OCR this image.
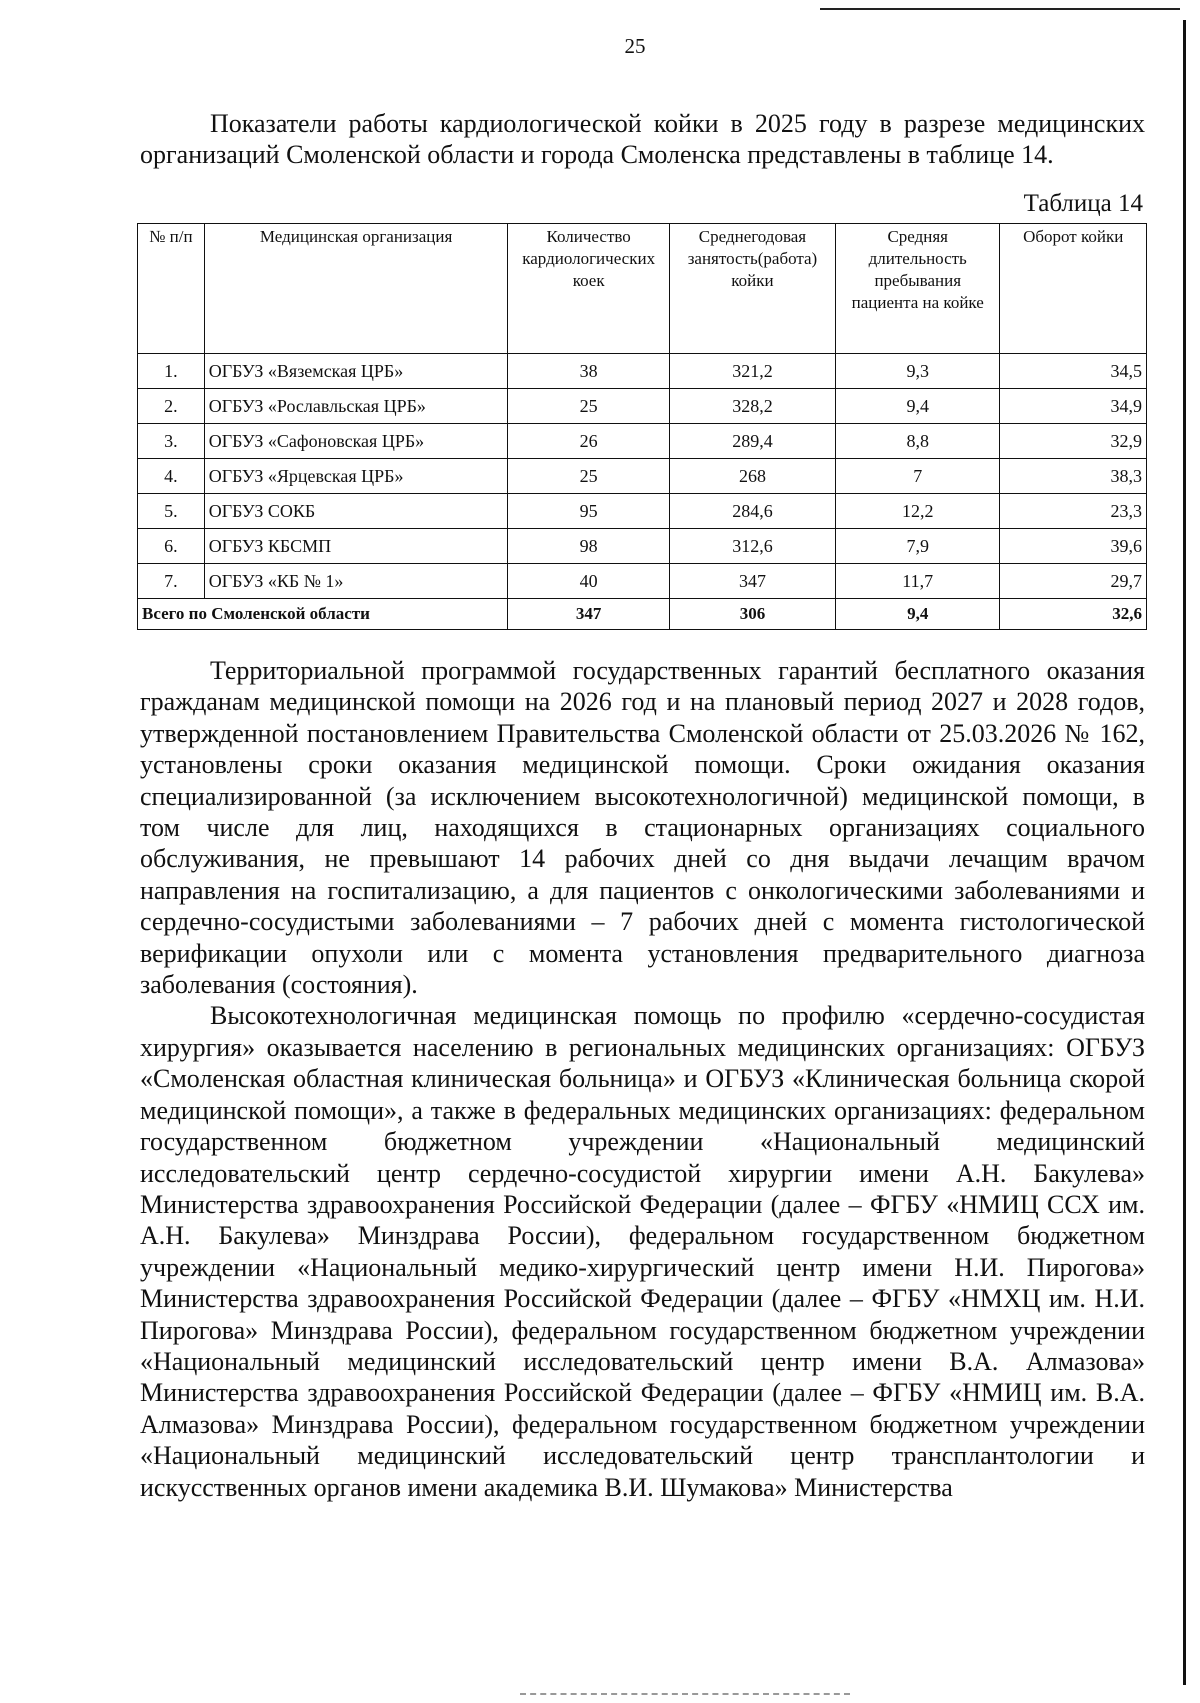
25
Показатели работы кардиологической койки в 2025 году в разрезе медицинских организаций Смоленской области и города Смоленска представлены в таблице 14.
Таблица 14
№ п/п	Медицинская организация	Количество кардиологических коек	Среднегодовая занятость(работа) койки	Средняя длительность пребывания пациента на койке	Оборот койки
1.	ОГБУЗ «Вяземская ЦРБ»	38	321,2	9,3	34,5
2.	ОГБУЗ «Рославльская ЦРБ»	25	328,2	9,4	34,9
3.	ОГБУЗ «Сафоновская ЦРБ»	26	289,4	8,8	32,9
4.	ОГБУЗ «Ярцевская ЦРБ»	25	268	7	38,3
5.	ОГБУЗ СОКБ	95	284,6	12,2	23,3
6.	ОГБУЗ КБСМП	98	312,6	7,9	39,6
7.	ОГБУЗ «КБ № 1»	40	347	11,7	29,7
Всего по Смоленской области		347	306	9,4	32,6

Территориальной программой государственных гарантий бесплатного оказания гражданам медицинской помощи на 2026 год и на плановый период 2027 и 2028 годов, утвержденной постановлением Правительства Смоленской области от 25.03.2026 № 162, установлены сроки оказания медицинской помощи. Сроки ожидания оказания специализированной (за исключением высокотехнологичной) медицинской помощи, в том числе для лиц, находящихся в стационарных организациях социального обслуживания, не превышают 14 рабочих дней со дня выдачи лечащим врачом направления на госпитализацию, а для пациентов с онкологическими заболеваниями и сердечно-сосудистыми заболеваниями – 7 рабочих дней с момента гистологической верификации опухоли или с момента установления предварительного диагноза заболевания (состояния).

Высокотехнологичная медицинская помощь по профилю «сердечно-сосудистая хирургия» оказывается населению в региональных медицинских организациях: ОГБУЗ «Смоленская областная клиническая больница» и ОГБУЗ «Клиническая больница скорой медицинской помощи», а также в федеральных медицинских организациях: федеральном государственном бюджетном учреждении «Национальный медицинский исследовательский центр сердечно-сосудистой хирургии имени А.Н. Бакулева» Министерства здравоохранения Российской Федерации (далее – ФГБУ «НМИЦ ССХ им. А.Н. Бакулева» Минздрава России), федеральном государственном бюджетном учреждении «Национальный медико-хирургический центр имени Н.И. Пирогова» Министерства здравоохранения Российской Федерации (далее – ФГБУ «НМХЦ им. Н.И. Пирогова» Минздрава России), федеральном государственном бюджетном учреждении «Национальный медицинский исследовательский центр имени В.А. Алмазова» Министерства здравоохранения Российской Федерации (далее – ФГБУ «НМИЦ им. В.А. Алмазова» Минздрава России), федеральном государственном бюджетном учреждении «Национальный медицинский исследовательский центр трансплантологии и искусственных органов имени академика В.И. Шумакова» Министерства
